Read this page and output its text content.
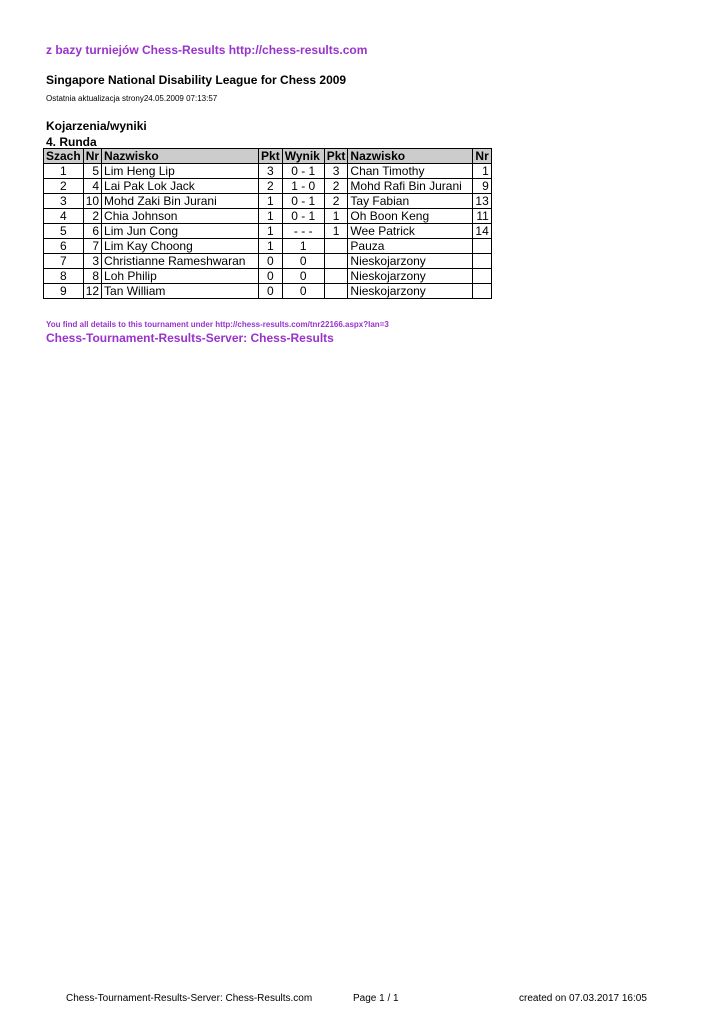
z bazy turniejów Chess-Results http://chess-results.com
Singapore National Disability League for Chess 2009
Ostatnia aktualizacja strony24.05.2009 07:13:57
Kojarzenia/wyniki
4. Runda
Szach	Nr	Nazwisko	Pkt	Wynik	Pkt	Nazwisko	Nr
1	5	Lim Heng Lip	3	0 - 1	3	Chan Timothy	1
2	4	Lai Pak Lok Jack	2	1 - 0	2	Mohd Rafi Bin Jurani	9
3	10	Mohd Zaki Bin Jurani	1	0 - 1	2	Tay Fabian	13
4	2	Chia Johnson	1	0 - 1	1	Oh Boon Keng	11
5	6	Lim Jun Cong	1	- - -	1	Wee Patrick	14
6	7	Lim Kay Choong	1	1		Pauza	
7	3	Christianne Rameshwaran	0	0		Nieskojarzony	
8	8	Loh Philip	0	0		Nieskojarzony	
9	12	Tan William	0	0		Nieskojarzony	
You find all details to this tournament under http://chess-results.com/tnr22166.aspx?lan=3
Chess-Tournament-Results-Server: Chess-Results
Chess-Tournament-Results-Server: Chess-Results.com	Page 1 / 1	created on 07.03.2017 16:05
